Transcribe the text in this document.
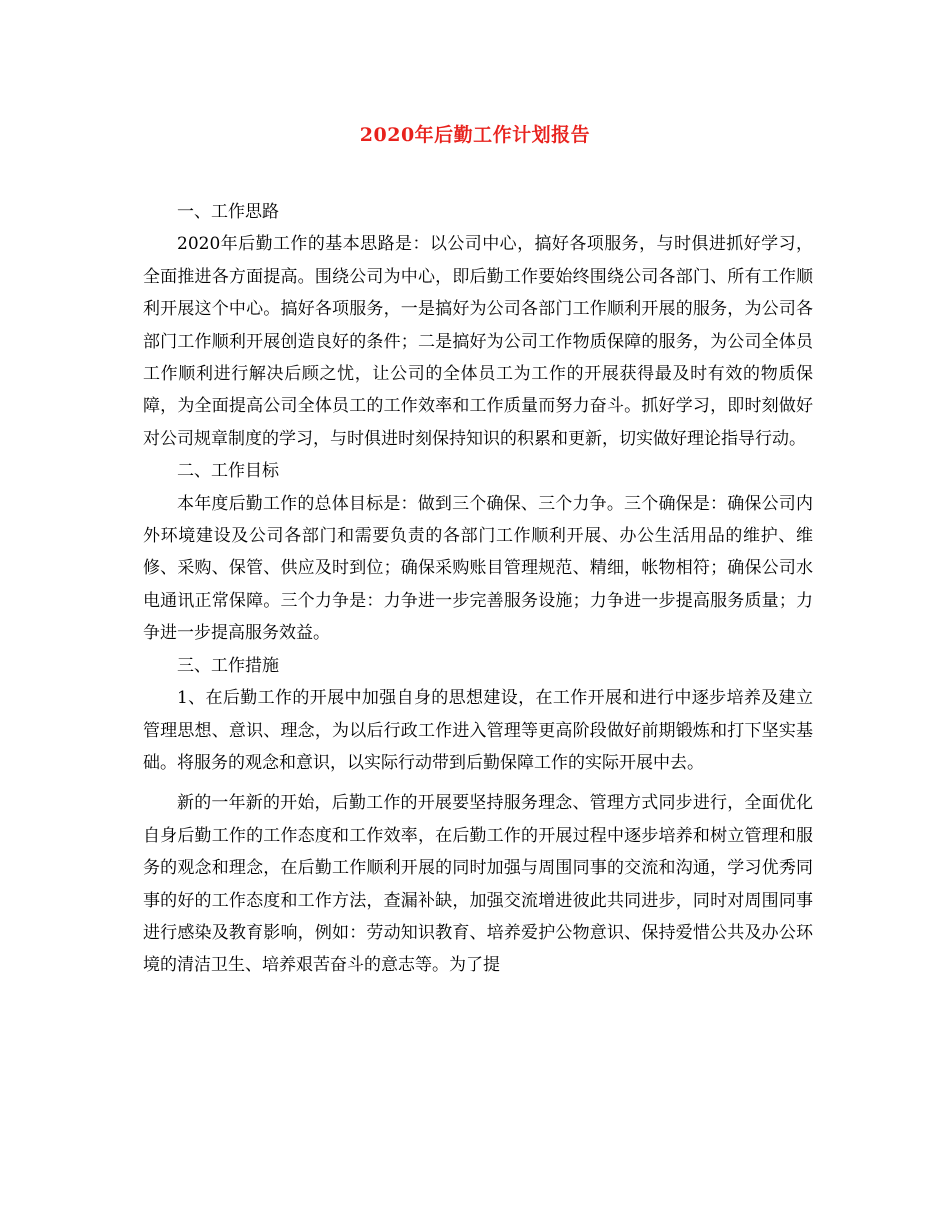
2020年后勤工作计划报告

一、工作思路

2020年后勤工作的基本思路是：以公司中心，搞好各项服务，与时俱进抓好学习，全面推进各方面提高。围绕公司为中心，即后勤工作要始终围绕公司各部门、所有工作顺利开展这个中心。搞好各项服务，一是搞好为公司各部门工作顺利开展的服务，为公司各部门工作顺利开展创造良好的条件；二是搞好为公司工作物质保障的服务，为公司全体员工作顺利进行解决后顾之忧，让公司的全体员工为工作的开展获得最及时有效的物质保障，为全面提高公司全体员工的工作效率和工作质量而努力奋斗。抓好学习，即时刻做好对公司规章制度的学习，与时俱进时刻保持知识的积累和更新，切实做好理论指导行动。

二、工作目标

本年度后勤工作的总体目标是：做到三个确保、三个力争。三个确保是：确保公司内外环境建设及公司各部门和需要负责的各部门工作顺利开展、办公生活用品的维护、维修、采购、保管、供应及时到位；确保采购账目管理规范、精细，帐物相符；确保公司水电通讯正常保障。三个力争是：力争进一步完善服务设施；力争进一步提高服务质量；力争进一步提高服务效益。

三、工作措施

1、在后勤工作的开展中加强自身的思想建设，在工作开展和进行中逐步培养及建立管理思想、意识、理念，为以后行政工作进入管理等更高阶段做好前期锻炼和打下坚实基础。将服务的观念和意识，以实际行动带到后勤保障工作的实际开展中去。

新的一年新的开始，后勤工作的开展要坚持服务理念、管理方式同步进行，全面优化自身后勤工作的工作态度和工作效率，在后勤工作的开展过程中逐步培养和树立管理和服务的观念和理念，在后勤工作顺利开展的同时加强与周围同事的交流和沟通，学习优秀同事的好的工作态度和工作方法，查漏补缺，加强交流增进彼此共同进步，同时对周围同事进行感染及教育影响，例如：劳动知识教育、培养爱护公物意识、保持爱惜公共及办公环境的清洁卫生、培养艰苦奋斗的意志等。为了提
